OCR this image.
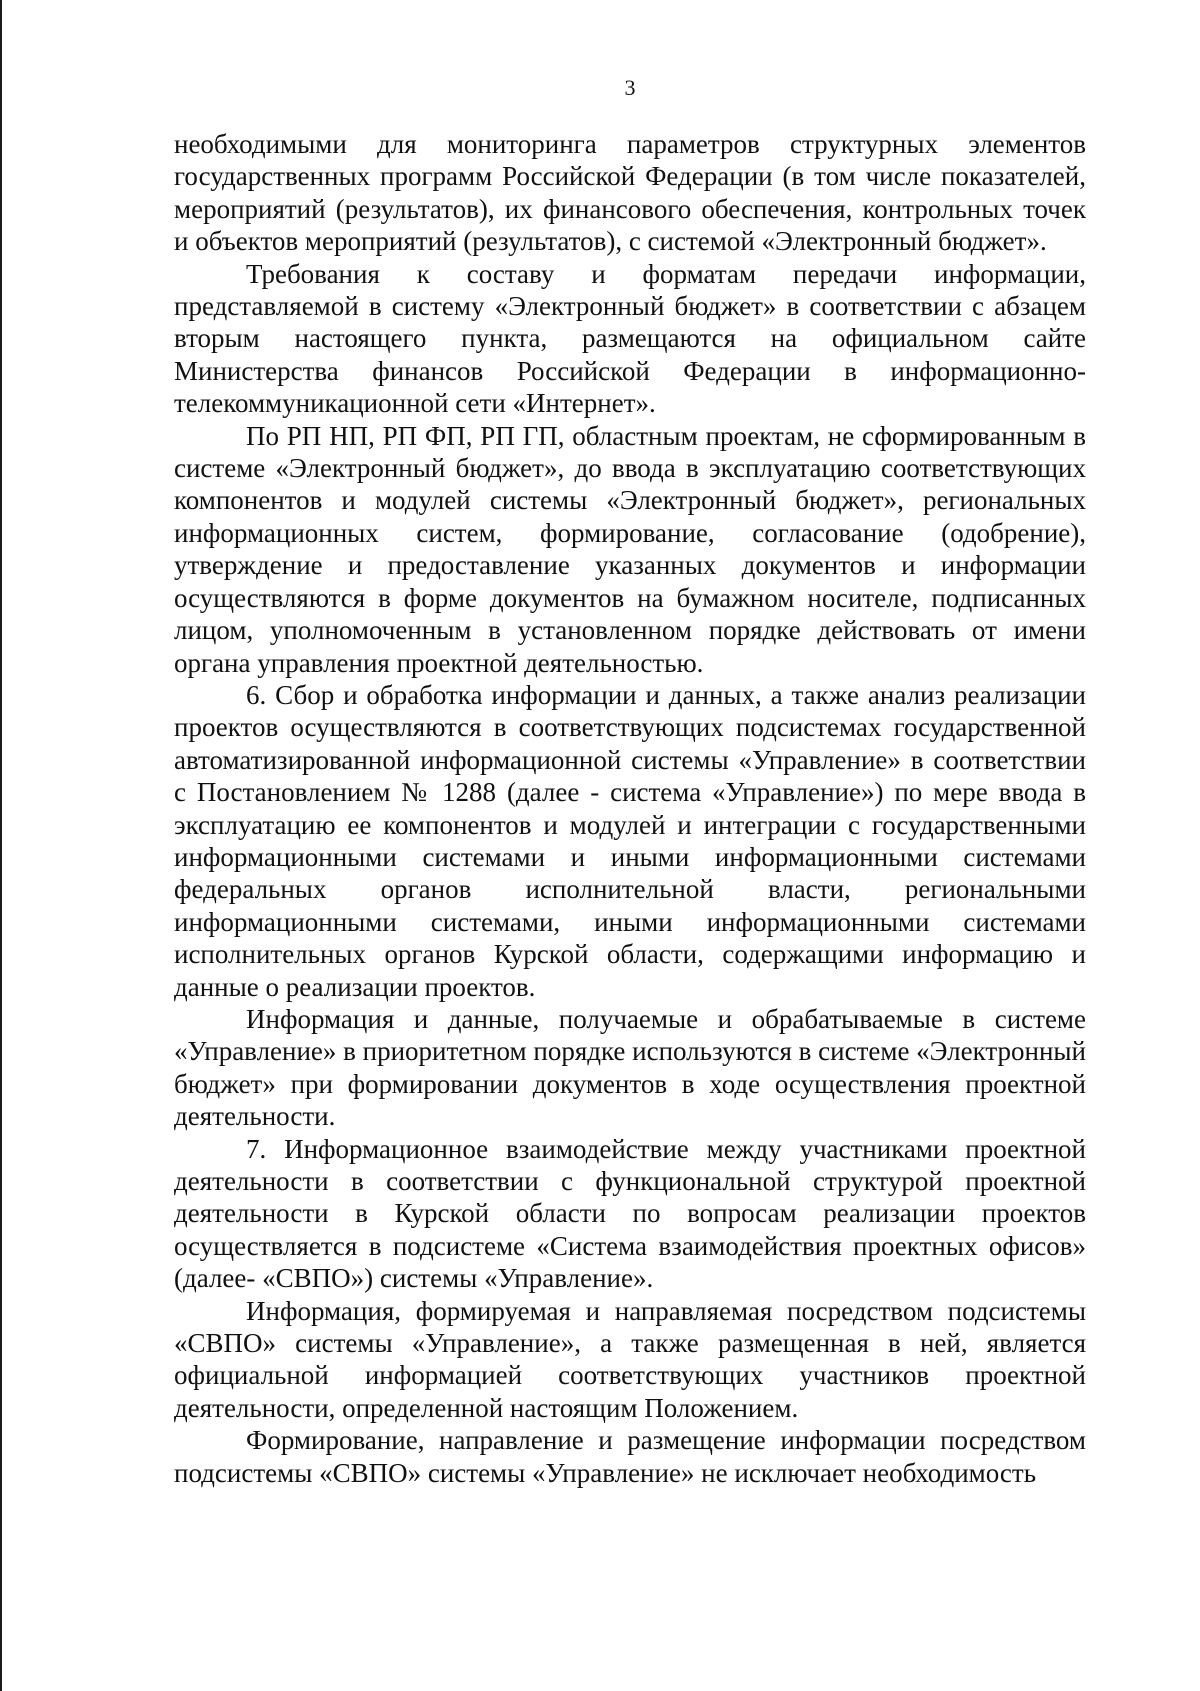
3

необходимыми для мониторинга параметров структурных элементов государственных программ Российской Федерации (в том числе показателей, мероприятий (результатов), их финансового обеспечения, контрольных точек и объектов мероприятий (результатов), с системой «Электронный бюджет».

Требования к составу и форматам передачи информации, представляемой в систему «Электронный бюджет» в соответствии с абзацем вторым настоящего пункта, размещаются на официальном сайте Министерства финансов Российской Федерации в информационно-телекоммуникационной сети «Интернет».

По РП НП, РП ФП, РП ГП, областным проектам, не сформированным в системе «Электронный бюджет», до ввода в эксплуатацию соответствующих компонентов и модулей системы «Электронный бюджет», региональных информационных систем, формирование, согласование (одобрение), утверждение и предоставление указанных документов и информации осуществляются в форме документов на бумажном носителе, подписанных лицом, уполномоченным в установленном порядке действовать от имени органа управления проектной деятельностью.

6. Сбор и обработка информации и данных, а также анализ реализации проектов осуществляются в соответствующих подсистемах государственной автоматизированной информационной системы «Управление» в соответствии с Постановлением № 1288 (далее - система «Управление») по мере ввода в эксплуатацию ее компонентов и модулей и интеграции с государственными информационными системами и иными информационными системами федеральных органов исполнительной власти, региональными информационными системами, иными информационными системами исполнительных органов Курской области, содержащими информацию и данные о реализации проектов.

Информация и данные, получаемые и обрабатываемые в системе «Управление» в приоритетном порядке используются в системе «Электронный бюджет» при формировании документов в ходе осуществления проектной деятельности.

7. Информационное взаимодействие между участниками проектной деятельности в соответствии с функциональной структурой проектной деятельности в Курской области по вопросам реализации проектов осуществляется в подсистеме «Система взаимодействия проектных офисов» (далее- «СВПО») системы «Управление».

Информация, формируемая и направляемая посредством подсистемы «СВПО» системы «Управление», а также размещенная в ней, является официальной информацией соответствующих участников проектной деятельности, определенной настоящим Положением.

Формирование, направление и размещение информации посредством подсистемы «СВПО» системы «Управление» не исключает необходимость
